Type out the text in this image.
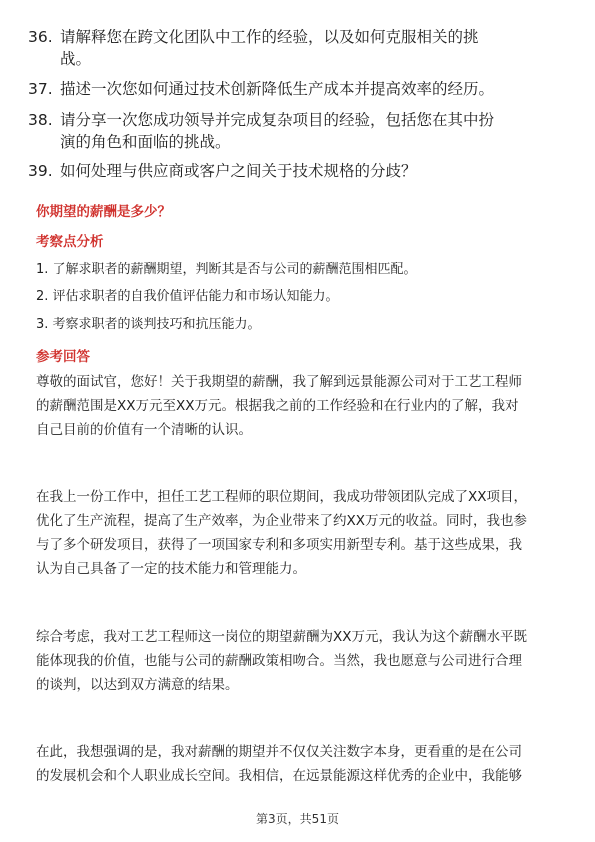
36. 请解释您在跨文化团队中工作的经验，以及如何克服相关的挑
战。
37. 描述一次您如何通过技术创新降低生产成本并提高效率的经历。
38. 请分享一次您成功领导并完成复杂项目的经验，包括您在其中扮
演的角色和面临的挑战。
39. 如何处理与供应商或客户之间关于技术规格的分歧？
你期望的薪酬是多少？
考察点分析
1. 了解求职者的薪酬期望，判断其是否与公司的薪酬范围相匹配。
2. 评估求职者的自我价值评估能力和市场认知能力。
3. 考察求职者的谈判技巧和抗压能力。
参考回答
尊敬的面试官，您好！关于我期望的薪酬，我了解到远景能源公司对于工艺工程师
的薪酬范围是XX万元至XX万元。根据我之前的工作经验和在行业内的了解，我对
自己目前的价值有一个清晰的认识。
在我上一份工作中，担任工艺工程师的职位期间，我成功带领团队完成了XX项目，
优化了生产流程，提高了生产效率，为企业带来了约XX万元的收益。同时，我也参
与了多个研发项目，获得了一项国家专利和多项实用新型专利。基于这些成果，我
认为自己具备了一定的技术能力和管理能力。
综合考虑，我对工艺工程师这一岗位的期望薪酬为XX万元，我认为这个薪酬水平既
能体现我的价值，也能与公司的薪酬政策相吻合。当然，我也愿意与公司进行合理
的谈判，以达到双方满意的结果。
在此，我想强调的是，我对薪酬的期望并不仅仅关注数字本身，更看重的是在公司
的发展机会和个人职业成长空间。我相信，在远景能源这样优秀的企业中，我能够
第3页，共51页
